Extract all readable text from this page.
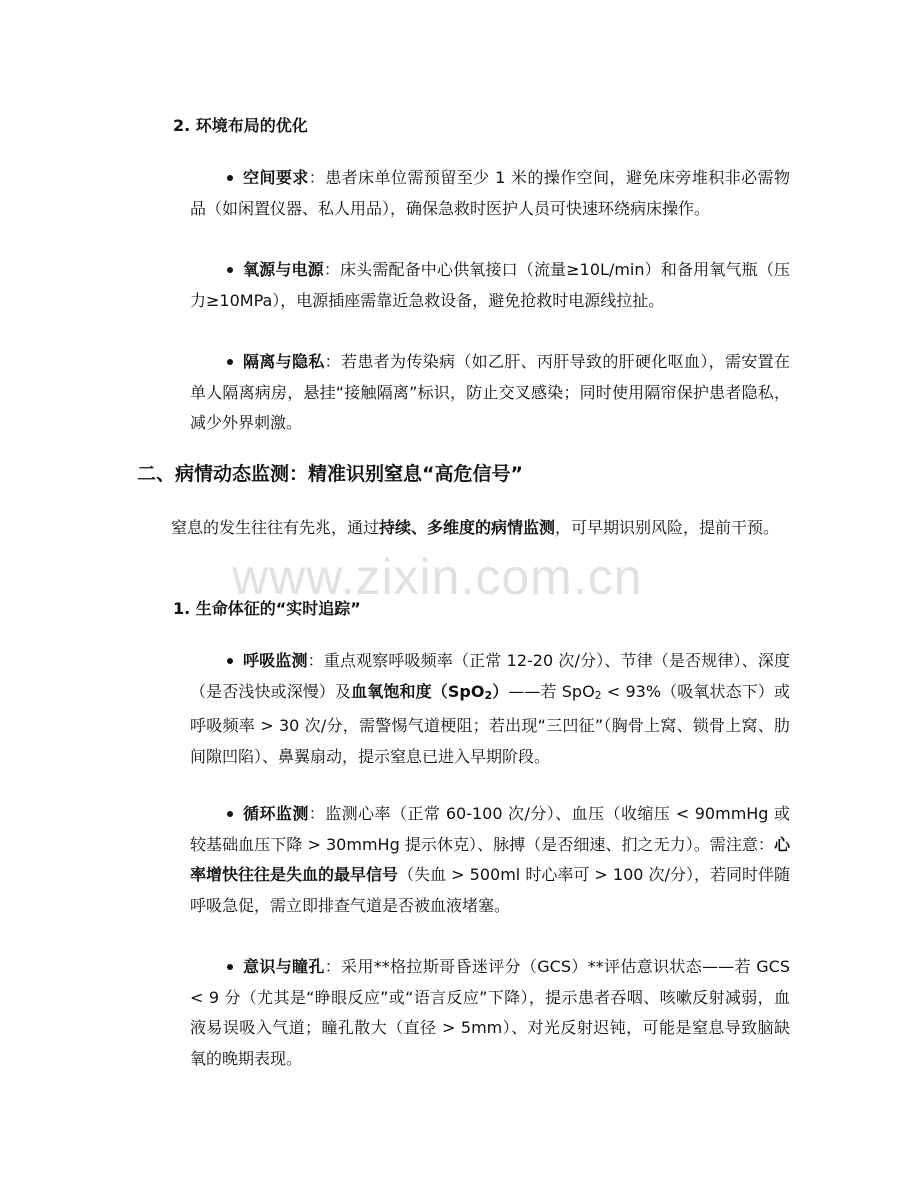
2. 环境布局的优化

空间要求：患者床单位需预留至少 1 米的操作空间，避免床旁堆积非必需物品（如闲置仪器、私人用品），确保急救时医护人员可快速环绕病床操作。

氧源与电源：床头需配备中心供氧接口（流量≥10L/min）和备用氧气瓶（压力≥10MPa），电源插座需靠近急救设备，避免抢救时电源线拉扯。

隔离与隐私：若患者为传染病（如乙肝、丙肝导致的肝硬化呕血），需安置在单人隔离病房，悬挂“接触隔离”标识，防止交叉感染；同时使用隔帘保护患者隐私，减少外界刺激。

二、病情动态监测：精准识别窒息“高危信号”

窒息的发生往往有先兆，通过持续、多维度的病情监测，可早期识别风险，提前干预。

www.zixin.com.cn
1. 生命体征的“实时追踪”

呼吸监测：重点观察呼吸频率（正常 12-20 次/分）、节律（是否规律）、深度（是否浅快或深慢）及血氧饱和度（SpO$_2$）——若 SpO$_2$ < 93%（吸氧状态下）或呼吸频率 > 30 次/分，需警惕气道梗阻；若出现“三凹征”（胸骨上窝、锁骨上窝、肋间隙凹陷）、鼻翼扇动，提示窒息已进入早期阶段。

循环监测：监测心率（正常 60-100 次/分）、血压（收缩压 < 90mmHg 或较基础血压下降 > 30mmHg 提示休克）、脉搏（是否细速、扪之无力）。需注意：心率增快往往是失血的最早信号（失血 > 500ml 时心率可 > 100 次/分），若同时伴随呼吸急促，需立即排查气道是否被血液堵塞。

意识与瞳孔：采用**格拉斯哥昏迷评分（GCS）**评估意识状态——若 GCS < 9 分（尤其是“睁眼反应”或“语言反应”下降），提示患者吞咽、咳嗽反射减弱，血液易误吸入气道；瞳孔散大（直径 > 5mm）、对光反射迟钝，可能是窒息导致脑缺氧的晚期表现。
